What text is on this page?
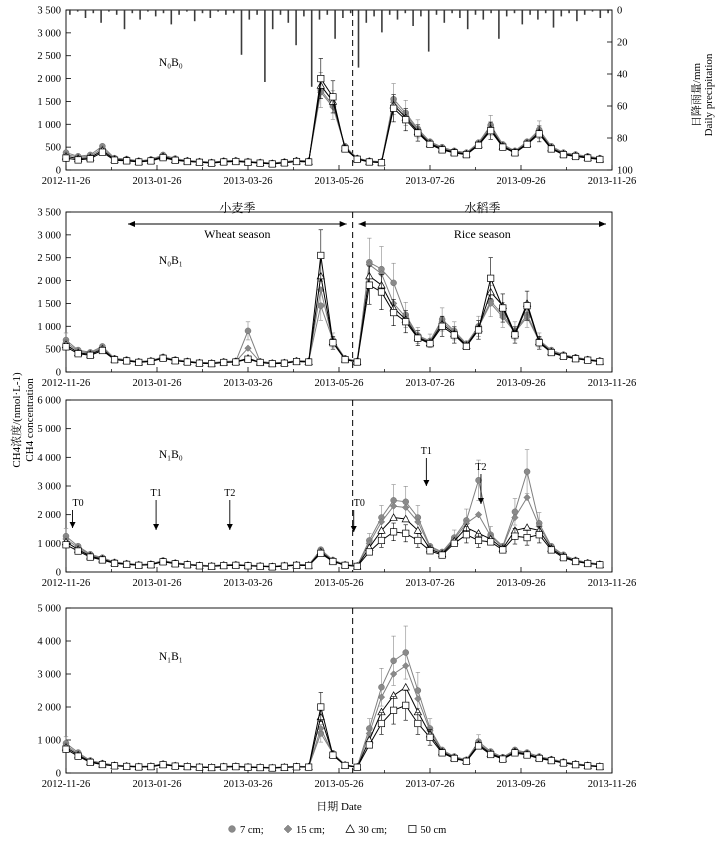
0
500
1 000
1 500
2 000
2 500
3 000
3 500
2012-11-26	2013-01-26	2013-03-26	2013-05-26	2013-07-26	2013-09-26	2013-11-26
N₀B₀
0
20
40
60
80
100
0
500
1 000
1 500
2 000
2 500
3 000
3 500
2012-11-26	2013-01-26	2013-03-26	2013-05-26	2013-07-26	2013-09-26	2013-11-26
N₀B₁
0
1 000
2 000
3 000
4 000
5 000
6 000
2012-11-26	2013-01-26	2013-03-26	2013-05-26	2013-07-26	2013-09-26	2013-11-26
N₁B₀
0
1 000
2 000
3 000
4 000
5 000
2012-11-26	2013-01-26	2013-03-26	2013-05-26	2013-07-26	2013-09-26	2013-11-26
N₁B₁
小麦季
Wheat season
水稻季
Rice season
T0
T1	T2
T0
T1
T2
CH4浓度/(nmol·L-1) CH4 concentration
日降雨量/mm Daily precipitation
日期 Date
7 cm;	15 cm;	30 cm;	50 cm
